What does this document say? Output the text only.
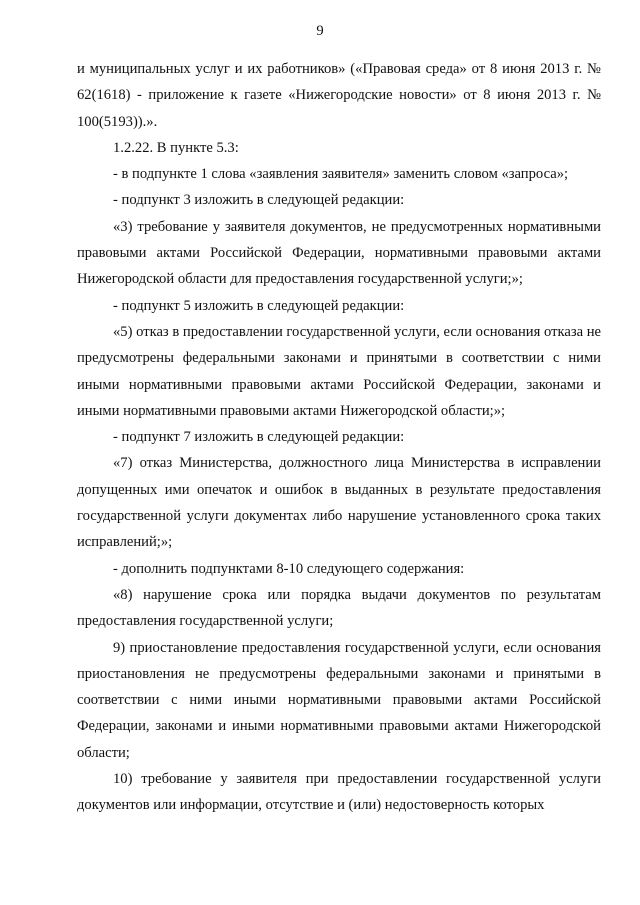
9

и муниципальных услуг и их работников» («Правовая среда» от 8 июня 2013 г. № 62(1618) - приложение к газете «Нижегородские новости» от 8 июня 2013 г. № 100(5193)).».

1.2.22. В пункте 5.3:

- в подпункте 1 слова «заявления заявителя» заменить словом «запроса»;

- подпункт 3 изложить в следующей редакции:

«3) требование у заявителя документов, не предусмотренных нормативными правовыми актами Российской Федерации, нормативными правовыми актами Нижегородской области для предоставления государственной услуги;»;

- подпункт 5 изложить в следующей редакции:

«5) отказ в предоставлении государственной услуги, если основания отказа не предусмотрены федеральными законами и принятыми в соответствии с ними иными нормативными правовыми актами Российской Федерации, законами и иными нормативными правовыми актами Нижегородской области;»;

- подпункт 7 изложить в следующей редакции:

«7) отказ Министерства, должностного лица Министерства в исправлении допущенных ими опечаток и ошибок в выданных в результате предоставления государственной услуги документах либо нарушение установленного срока таких исправлений;»;

- дополнить подпунктами 8-10 следующего содержания:

«8) нарушение срока или порядка выдачи документов по результатам предоставления государственной услуги;

9) приостановление предоставления государственной услуги, если основания приостановления не предусмотрены федеральными законами и принятыми в соответствии с ними иными нормативными правовыми актами Российской Федерации, законами и иными нормативными правовыми актами Нижегородской области;

10) требование у заявителя при предоставлении государственной услуги документов или информации, отсутствие и (или) недостоверность которых
